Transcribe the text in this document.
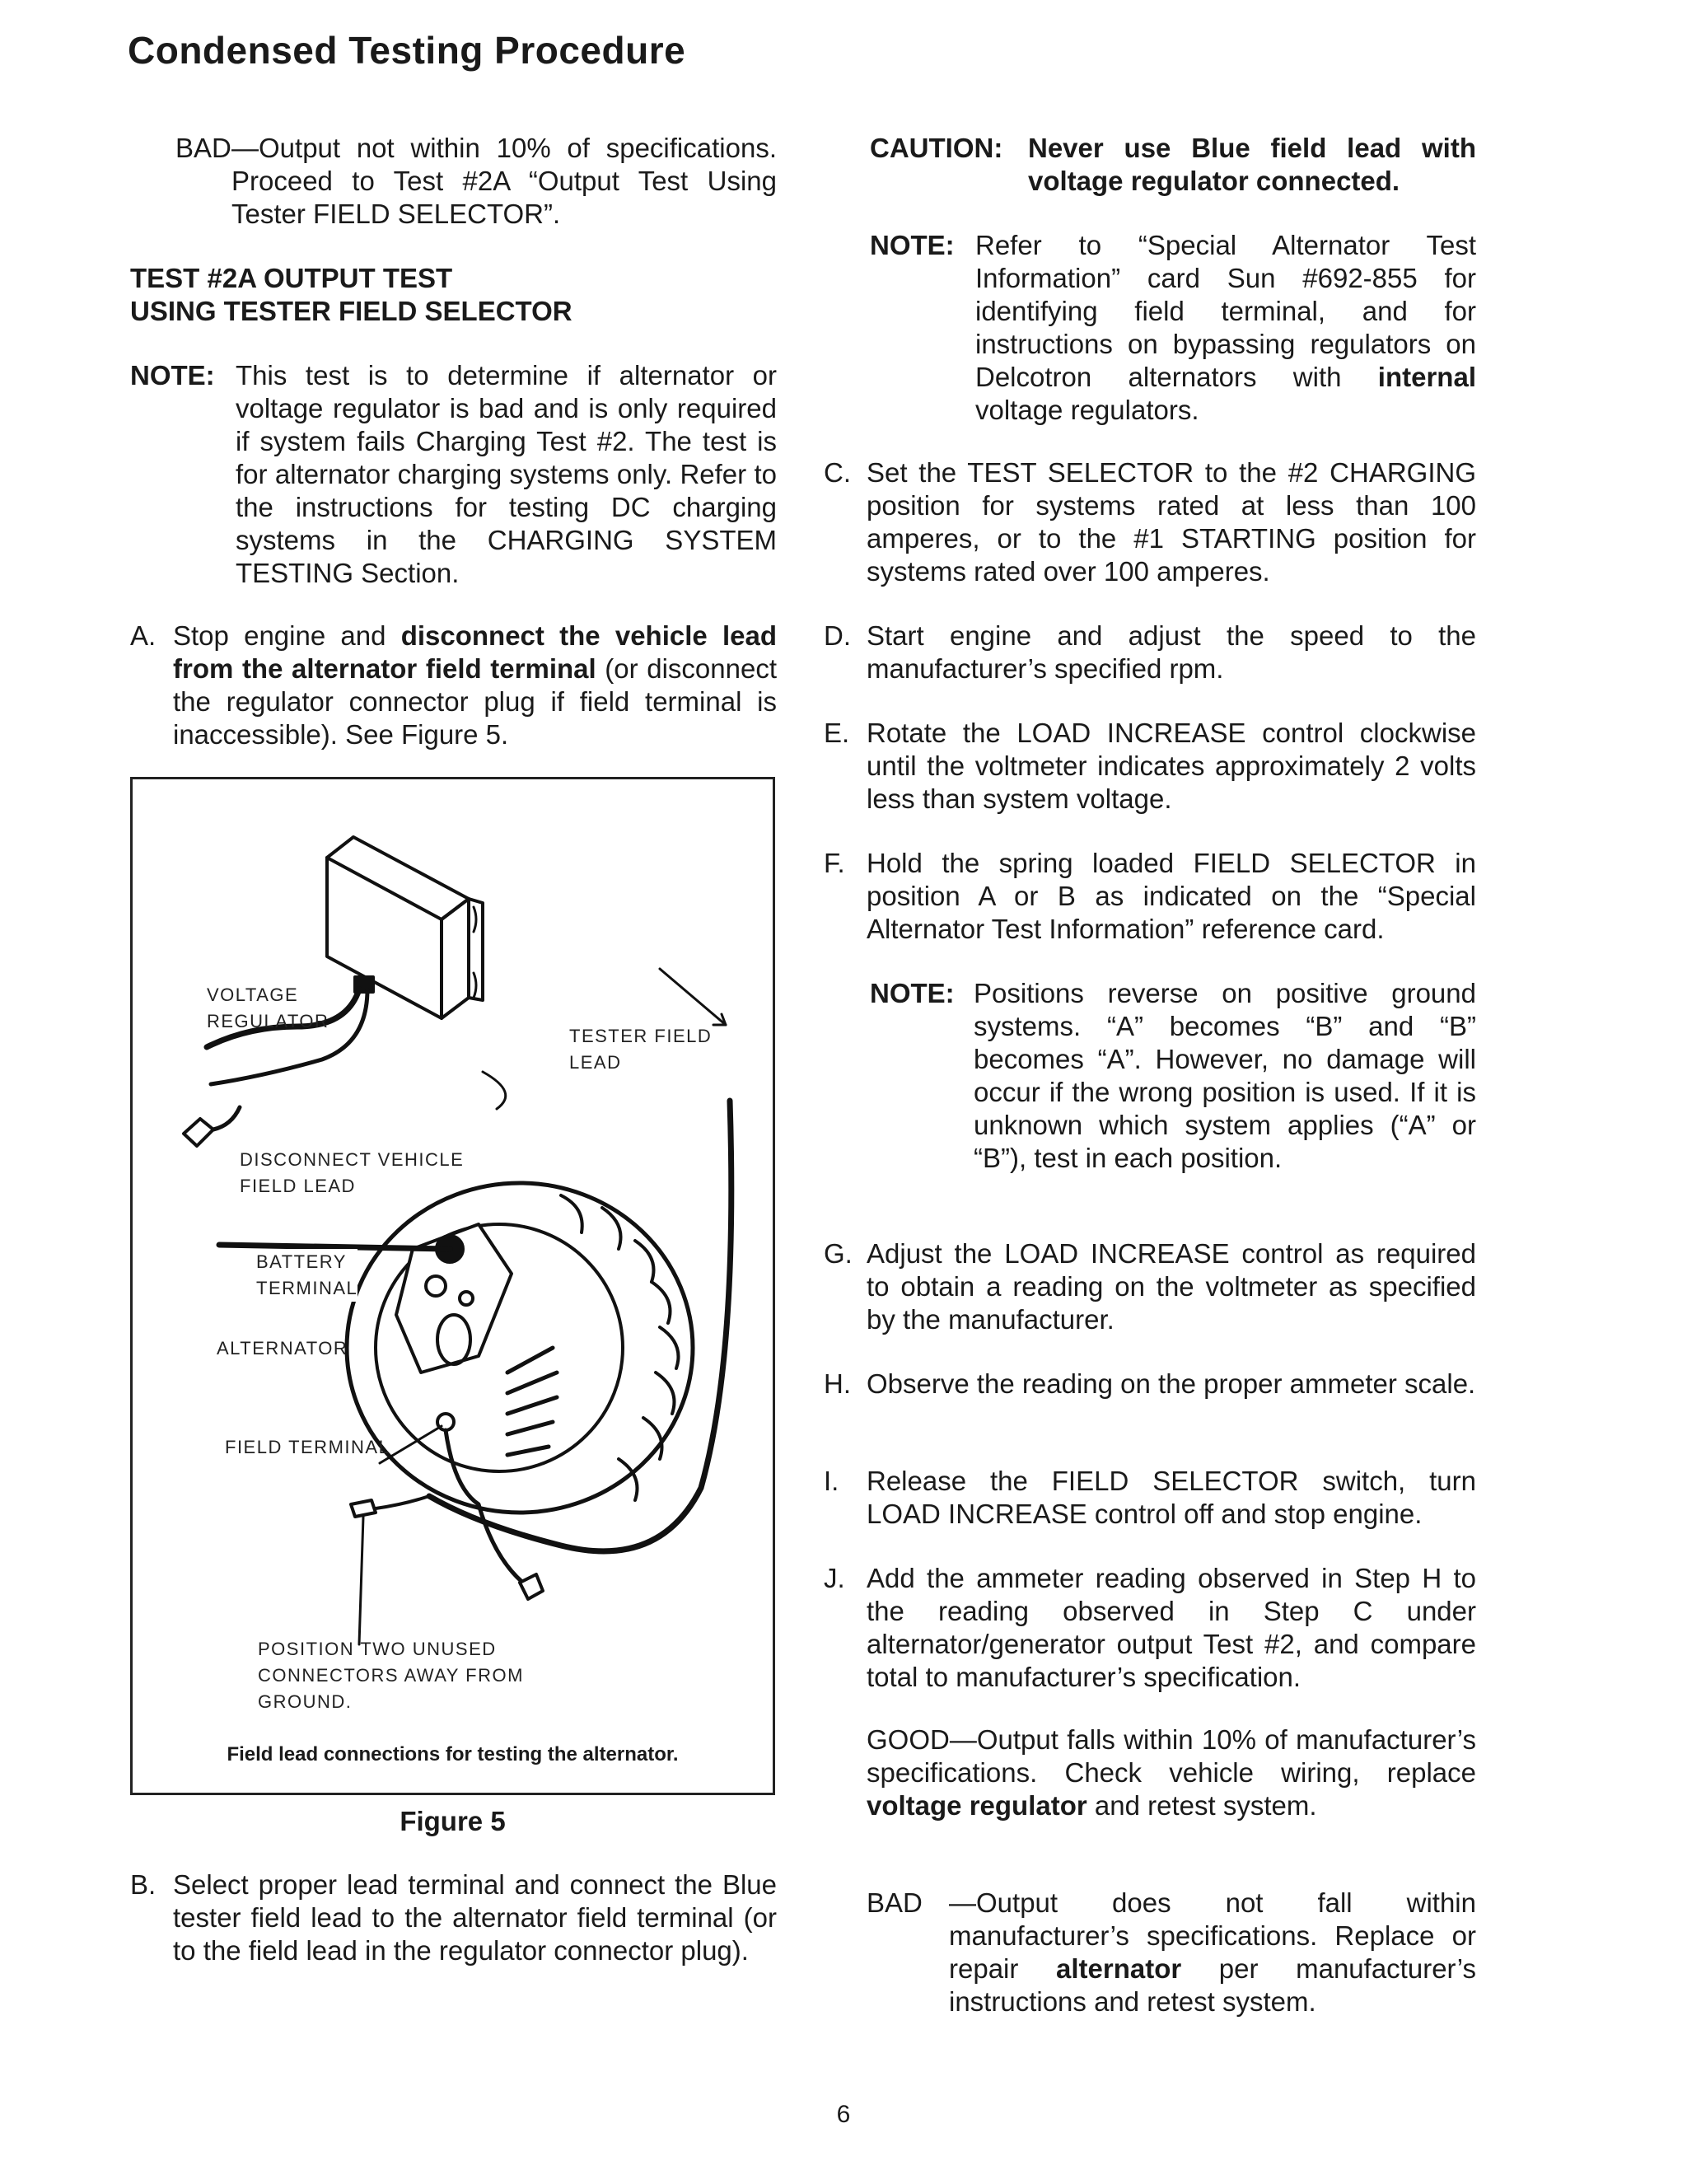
Condensed Testing Procedure
BAD —Output not within 10% of specifications. Proceed to Test #2A “Output Test Using Tester FIELD SELECTOR”.
TEST #2A OUTPUT TEST
USING TESTER FIELD SELECTOR
NOTE: This test is to determine if alternator or voltage regulator is bad and is only required if system fails Charging Test #2. The test is for alternator charging systems only. Refer to the instructions for testing DC charging systems in the CHARGING SYSTEM TESTING Section.
A. Stop engine and disconnect the vehicle lead from the alternator field terminal (or disconnect the regulator connector plug if field terminal is inaccessible). See Figure 5.
VOLTAGE
REGULATOR
TESTER FIELD
LEAD
DISCONNECT VEHICLE
FIELD LEAD
BATTERY
TERMINAL
ALTERNATOR
FIELD TERMINAL
POSITION TWO UNUSED
CONNECTORS AWAY FROM
GROUND.
Field lead connections for testing the alternator.
Figure 5
B. Select proper lead terminal and connect the Blue tester field lead to the alternator field terminal (or to the field lead in the regulator connector plug).
CAUTION: Never use Blue field lead with voltage regulator connected.
NOTE: Refer to “Special Alternator Test Information” card Sun #692-855 for identifying field terminal, and for instructions on bypassing regulators on Delcotron alternators with internal voltage regulators.
C. Set the TEST SELECTOR to the #2 CHARGING position for systems rated at less than 100 amperes, or to the #1 STARTING position for systems rated over 100 amperes.
D. Start engine and adjust the speed to the manufacturer’s specified rpm.
E. Rotate the LOAD INCREASE control clockwise until the voltmeter indicates approximately 2 volts less than system voltage.
F. Hold the spring loaded FIELD SELECTOR in position A or B as indicated on the “Special Alternator Test Information” reference card.
NOTE: Positions reverse on positive ground systems. “A” becomes “B” and “B” becomes “A”. However, no damage will occur if the wrong position is used. If it is unknown which system applies (“A” or “B”), test in each position.
G. Adjust the LOAD INCREASE control as required to obtain a reading on the voltmeter as specified by the manufacturer.
H. Observe the reading on the proper ammeter scale.
I.	Release the FIELD SELECTOR switch, turn LOAD INCREASE control off and stop engine.
J. Add the ammeter reading observed in Step H to the reading observed in Step C under alternator/generator output Test #2, and compare total to manufacturer’s specification.
GOOD—Output falls within 10% of manufacturer’s specifications. Check vehicle wiring, replace voltage regulator and retest system.
BAD —Output does not fall within manufacturer’s specifications. Replace or repair alternator per manufacturer’s instructions and retest system.
6
